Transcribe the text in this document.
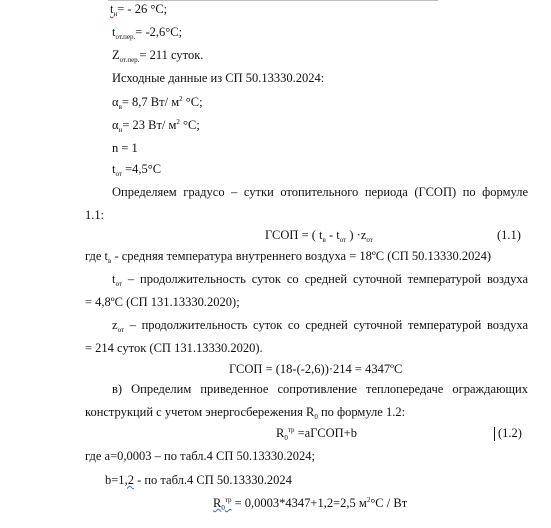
$t_н= - 26$ °C;
$t_{от.пер.}= -2,6^\circ C$;
$Z_{от.пер.}= 211$ суток.
Исходные данные из СП 50.13330.2024:
$\alpha_в= 8,7$ Вт/ $м^2$ °С;
$\alpha_н= 23$ Вт/ $м^2$ °С;
n = 1
$t_{от} =4,5^\circ С$
Определяем градусо – сутки отопительного периода (ГСОП) по формуле
1.1:
ГСОП = ( $t_в - t_{от}$ ) $\cdot z_{от}$	(1.1)
где $t_в$ - средняя температура внутреннего воздуха = 18ºС (СП 50.13330.2024)
$t_{от}$ – продолжительность суток со средней суточной температурой воздуха
= 4,8ºС (СП 131.13330.2020);
$z_{от}$ – продолжительность суток со средней суточной температурой воздуха
= 214 суток (СП 131.13330.2020).
ГСОП = (18-(-2,6))·214 = 4347ºС
в) Определим приведенное сопротивление теплопередаче ограждающих
конструкций с учетом энергосбережения $R_0$ по формуле 1.2:
$R_0^{тр}$ =aГСОП+b	(1.2)
где a=0,0003 – по табл.4 СП 50.13330.2024;
b=1,2 - по табл.4 СП 50.13330.2024
$R_0^{тр} = 0,0003*4347+1,2=2,5$ $м^2^\circ С$ / Вт
